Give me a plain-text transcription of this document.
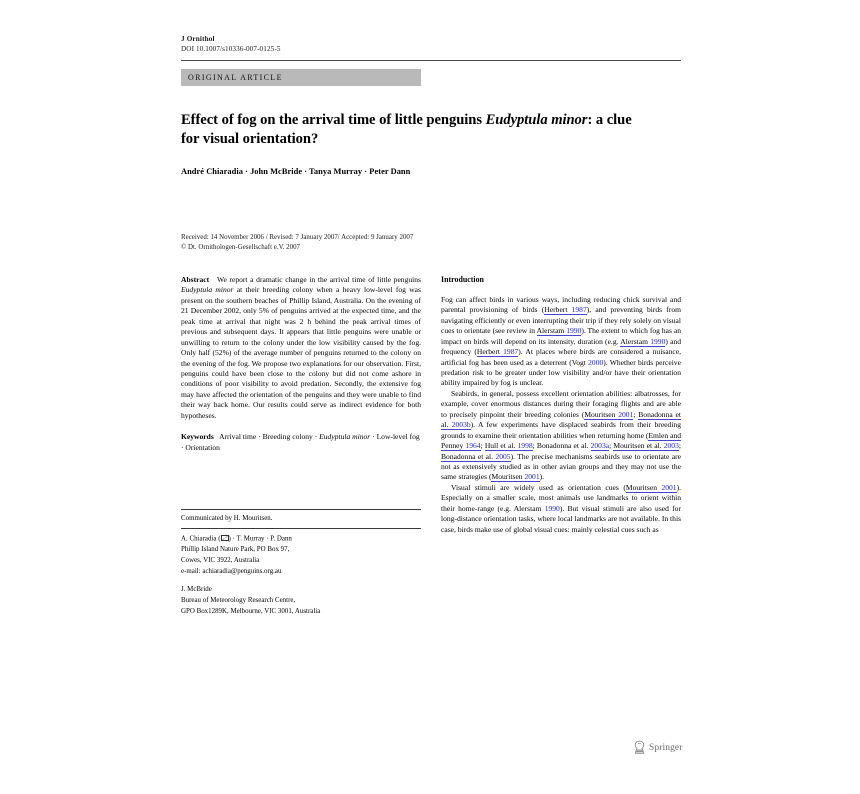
J Ornithol
DOI 10.1007/s10336-007-0125-5
ORIGINAL ARTICLE
Effect of fog on the arrival time of little penguins Eudyptula minor: a clue for visual orientation?
André Chiaradia · John McBride · Tanya Murray · Peter Dann
Received: 14 November 2006 / Revised: 7 January 2007/ Accepted: 9 January 2007
© Dt. Ornithologen-Gesellschaft e.V. 2007

Abstract We report a dramatic change in the arrival time of little penguins Eudyptula minor at their breeding colony when a heavy low-level fog was present on the southern beaches of Phillip Island, Australia. On the evening of 21 December 2002, only 5% of penguins arrived at the expected time, and the peak time at arrival that night was 2 h behind the peak arrival times of previous and subsequent days. It appears that little penguins were unable or unwilling to return to the colony under the low visibility caused by the fog. Only half (52%) of the average number of penguins returned to the colony on the evening of the fog. We propose two explanations for our observation. First, penguins could have been close to the colony but did not come ashore in conditions of poor visibility to avoid predation. Secondly, the extensive fog may have affected the orientation of the penguins and they were unable to find their way back home. Our results could serve as indirect evidence for both hypotheses.

Keywords Arrival time · Breeding colony · Eudyptula minor · Low-level fog · Orientation

Communicated by H. Mouritsen.
A. Chiaradia ( ) · T. Murray · P. Dann
Phillip Island Nature Park, PO Box 97,
Cowes, VIC 3922, Australia
e-mail: achiaradia@penguins.org.au
J. McBride
Bureau of Meteorology Research Centre,
GPO Box1289K, Melbourne, VIC 3001, Australia

Introduction

Fog can affect birds in various ways, including reducing chick survival and parental provisioning of birds (Herbert 1987), and preventing birds from navigating efficiently or even interrupting their trip if they rely solely on visual cues to orientate (see review in Alerstam 1990). The extent to which fog has an impact on birds will depend on its intensity, duration (e.g. Alerstam 1990) and frequency (Herbert 1987). At places where birds are considered a nuisance, artificial fog has been used as a deterrent (Vogt 2000). Whether birds perceive predation risk to be greater under low visibility and/or have their orientation ability impaired by fog is unclear.

Seabirds, in general, possess excellent orientation abilities: albatrosses, for example, cover enormous distances during their foraging flights and are able to precisely pinpoint their breeding colonies (Mouritsen 2001; Bonadonna et al. 2003b). A few experiments have displaced seabirds from their breeding grounds to examine their orientation abilities when returning home (Emlen and Penney 1964; Hull et al. 1998; Bonadonna et al. 2003a; Mouritsen et al. 2003; Bonadonna et al. 2005). The precise mechanisms seabirds use to orientate are not as extensively studied as in other avian groups and they may not use the same strategies (Mouritsen 2001).

Visual stimuli are widely used as orientation cues (Mouritsen 2001). Especially on a smaller scale, most animals use landmarks to orient within their home-range (e.g. Alerstam 1990). But visual stimuli are also used for long-distance orientation tasks, where local landmarks are not available. In this case, birds make use of global visual cues: mainly celestial cues such as

Springer
